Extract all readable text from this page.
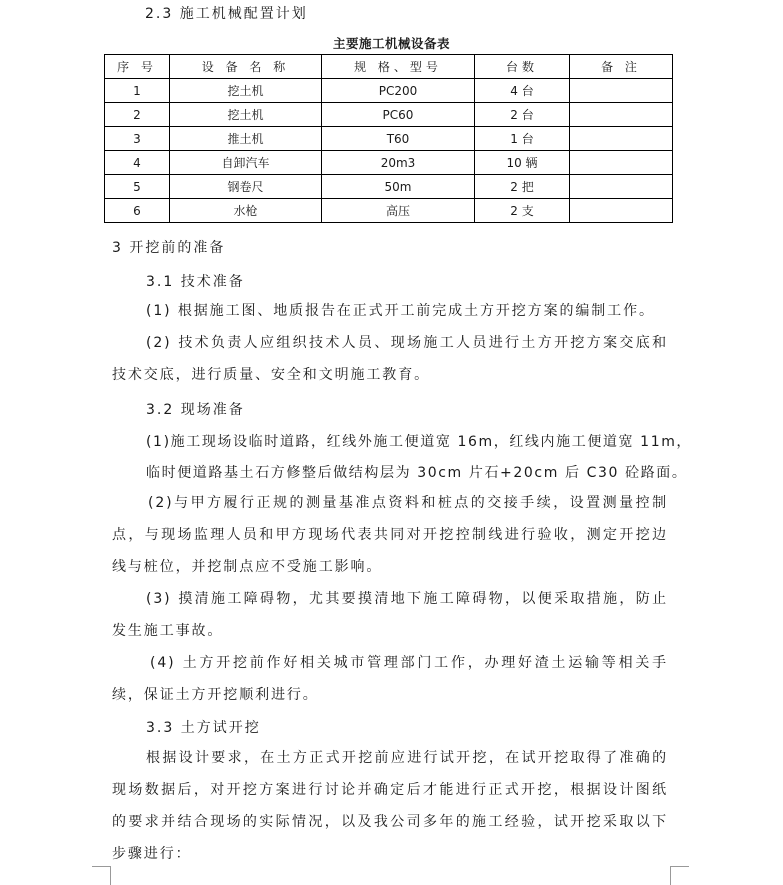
2.3 施工机械配置计划
主要施工机械设备表
序 号	设 备 名 称	规 格、型号	台数	备 注
1	挖土机	PC200	4 台	
2	挖土机	PC60	2 台	
3	推土机	T60	1 台	
4	自卸汽车	20m3	10 辆	
5	钢卷尺	50m	2 把	
6	水枪	高压	2 支	
3 开挖前的准备
3.1 技术准备
(1) 根据施工图、地质报告在正式开工前完成土方开挖方案的编制工作。
(2) 技术负责人应组织技术人员、现场施工人员进行土方开挖方案交底和技术交底，进行质量、安全和文明施工教育。
3.2 现场准备
(1)施工现场设临时道路，红线外施工便道宽 16m，红线内施工便道宽 11m，
临时便道路基土石方修整后做结构层为 30cm 片石+20cm 后 C30 砼路面。
(2)与甲方履行正规的测量基准点资料和桩点的交接手续，设置测量控制点，与现场监理人员和甲方现场代表共同对开挖控制线进行验收，测定开挖边线与桩位，并挖制点应不受施工影响。
(3) 摸清施工障碍物，尤其要摸清地下施工障碍物，以便采取措施，防止发生施工事故。
(4) 土方开挖前作好相关城市管理部门工作，办理好渣土运输等相关手续，保证土方开挖顺利进行。
3.3 土方试开挖
根据设计要求，在土方正式开挖前应进行试开挖，在试开挖取得了准确的现场数据后，对开挖方案进行讨论并确定后才能进行正式开挖，根据设计图纸的要求并结合现场的实际情况，以及我公司多年的施工经验，试开挖采取以下步骤进行：
